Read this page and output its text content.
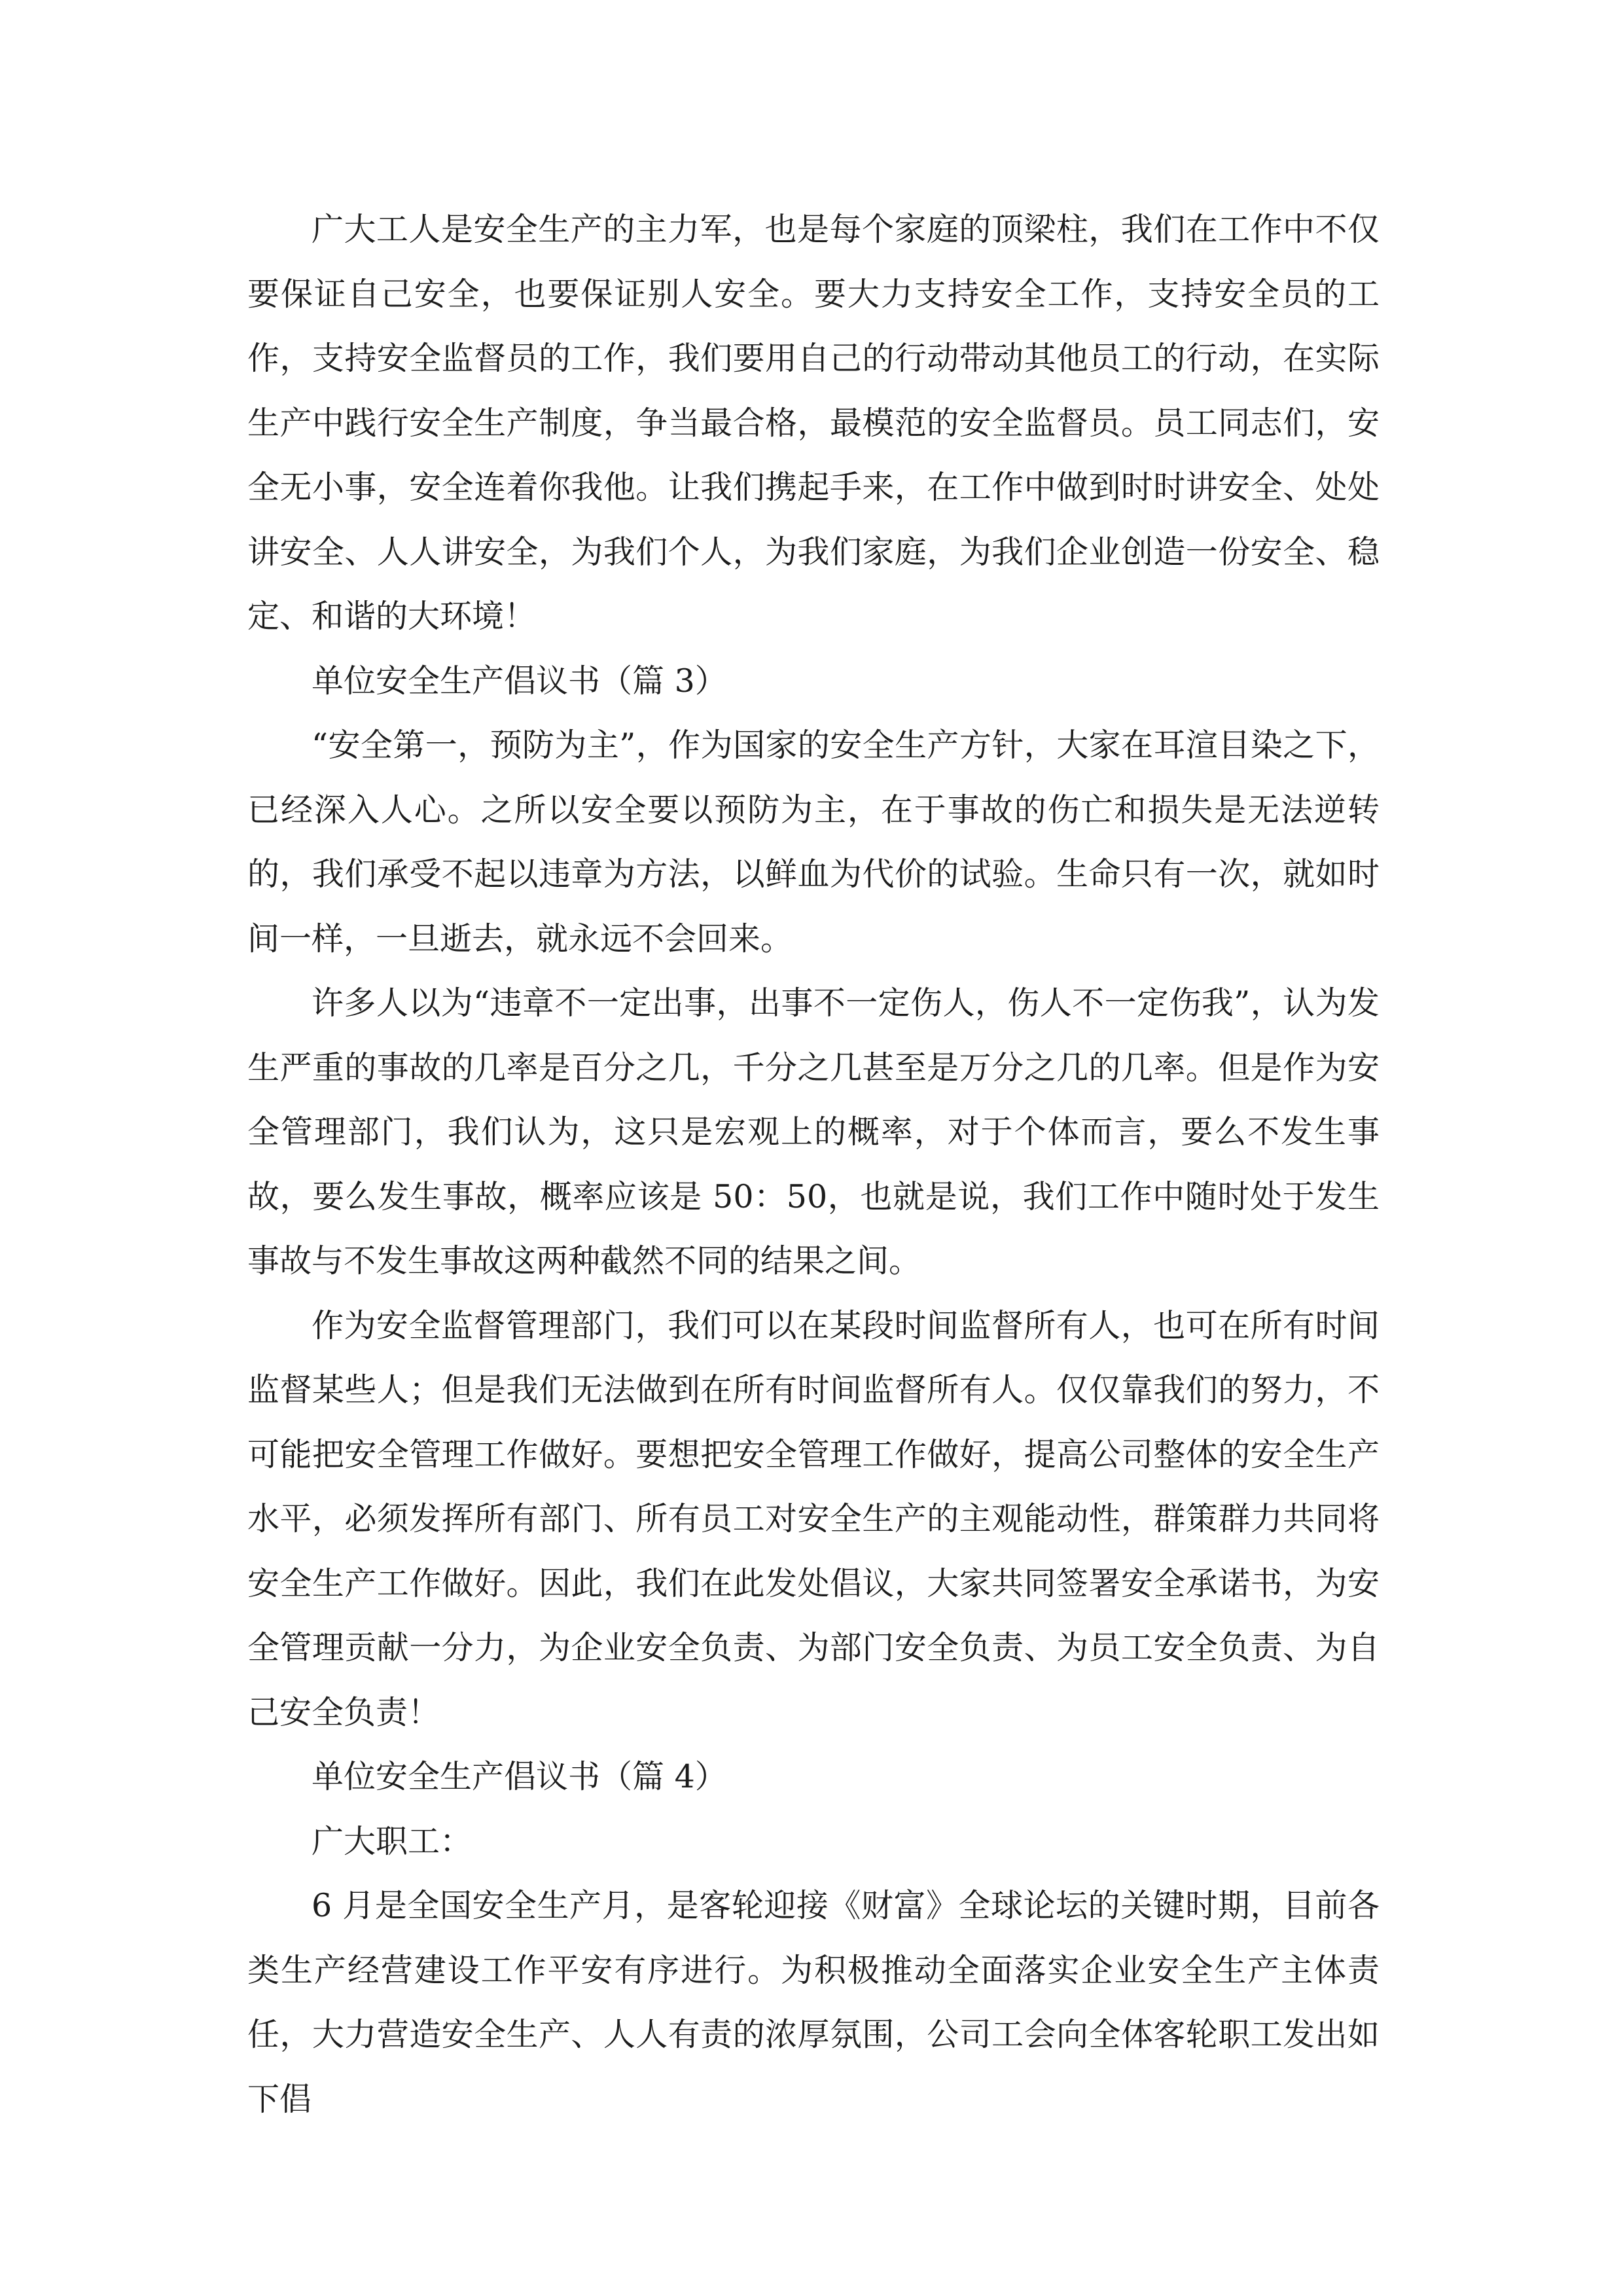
广大工人是安全生产的主力军，也是每个家庭的顶梁柱，我们在工作中不仅要保证自己安全，也要保证别人安全。要大力支持安全工作，支持安全员的工作，支持安全监督员的工作，我们要用自己的行动带动其他员工的行动，在实际生产中践行安全生产制度，争当最合格，最模范的安全监督员。员工同志们，安全无小事，安全连着你我他。让我们携起手来，在工作中做到时时讲安全、处处讲安全、人人讲安全，为我们个人，为我们家庭，为我们企业创造一份安全、稳定、和谐的大环境！

单位安全生产倡议书（篇 3）

“安全第一，预防为主”，作为国家的安全生产方针，大家在耳渲目染之下，已经深入人心。之所以安全要以预防为主，在于事故的伤亡和损失是无法逆转的，我们承受不起以违章为方法，以鲜血为代价的试验。生命只有一次，就如时间一样，一旦逝去，就永远不会回来。

许多人以为“违章不一定出事，出事不一定伤人，伤人不一定伤我”，认为发生严重的事故的几率是百分之几，千分之几甚至是万分之几的几率。但是作为安全管理部门，我们认为，这只是宏观上的概率，对于个体而言，要么不发生事故，要么发生事故，概率应该是 50：50，也就是说，我们工作中随时处于发生事故与不发生事故这两种截然不同的结果之间。

作为安全监督管理部门，我们可以在某段时间监督所有人，也可在所有时间监督某些人；但是我们无法做到在所有时间监督所有人。仅仅靠我们的努力，不可能把安全管理工作做好。要想把安全管理工作做好，提高公司整体的安全生产水平，必须发挥所有部门、所有员工对安全生产的主观能动性，群策群力共同将安全生产工作做好。因此，我们在此发处倡议，大家共同签署安全承诺书，为安全管理贡献一分力，为企业安全负责、为部门安全负责、为员工安全负责、为自己安全负责！

单位安全生产倡议书（篇 4）

广大职工：

6 月是全国安全生产月，是客轮迎接《财富》全球论坛的关键时期，目前各类生产经营建设工作平安有序进行。为积极推动全面落实企业安全生产主体责任，大力营造安全生产、人人有责的浓厚氛围，公司工会向全体客轮职工发出如下倡
